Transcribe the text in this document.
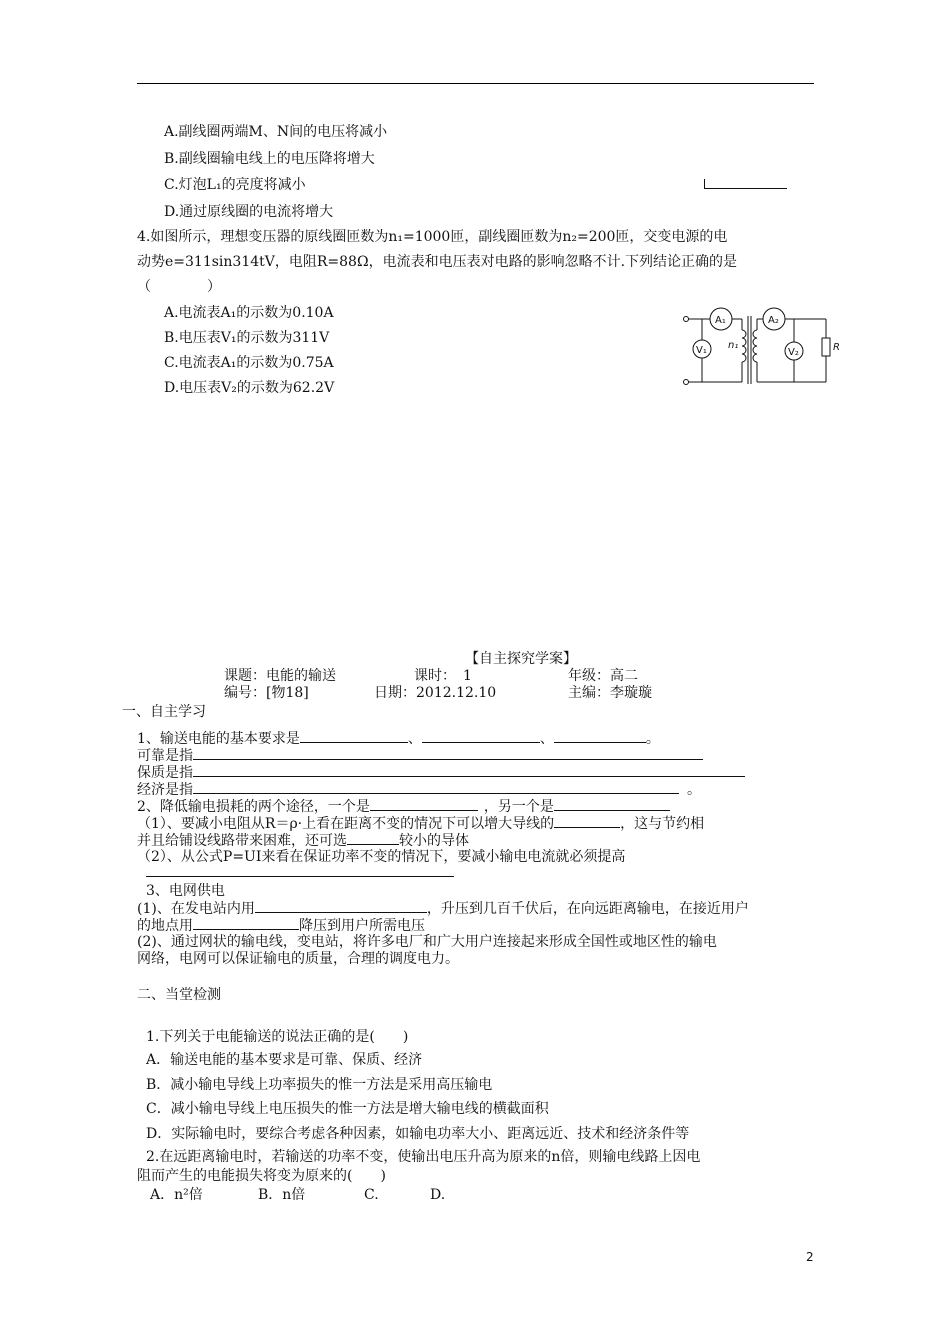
A.副线圈两端M、N间的电压将减小
B.副线圈输电线上的电压降将增大
C.灯泡L₁的亮度将减小
D.通过原线圈的电流将增大
4.如图所示，理想变压器的原线圈匝数为n₁=1000匝，副线圈匝数为n₂=200匝，交变电源的电
动势e=311sin314tV，电阻R=88Ω，电流表和电压表对电路的影响忽略不计.下列结论正确的是
（　　　　）
A.电流表A₁的示数为0.10A
B.电压表V₁的示数为311V
C.电流表A₁的示数为0.75A
D.电压表V₂的示数为62.2V
A₁
V₁
A₂
V₂
n₁	R
【自主探究学案】
课题：电能的输送	课时：　1	年级：高二
编号：[物18]	日期：2012.12.10	主编：李璇璇
一、自主学习
1、输送电能的基本要求是	、	、	。
可靠是指
保质是指
经济是指	。
2、降低输电损耗的两个途径，一个是	，另一个是
（1）、要减小电阻从R＝ρ·上看在距离不变的情况下可以增大导线的	，这与节约相
并且给铺设线路带来困难，还可选	较小的导体
（2）、从公式P=UI来看在保证功率不变的情况下，要减小输电电流就必须提高
3、电网供电
(1)、在发电站内用	，升压到几百千伏后，在向远距离输电，在接近用户
的地点用	降压到用户所需电压
(2)、通过网状的输电线，变电站，将许多电厂和广大用户连接起来形成全国性或地区性的输电
网络，电网可以保证输电的质量，合理的调度电力。
二、当堂检测
1.下列关于电能输送的说法正确的是(　　)
A．输送电能的基本要求是可靠、保质、经济
B．减小输电导线上功率损失的惟一方法是采用高压输电
C．减小输电导线上电压损失的惟一方法是增大输电线的横截面积
D．实际输电时，要综合考虑各种因素，如输电功率大小、距离远近、技术和经济条件等
2.在远距离输电时，若输送的功率不变，使输出电压升高为原来的n倍，则输电线路上因电
阻而产生的电能损失将变为原来的(　　)
A．n²倍	B．n倍	C.	D.
2
